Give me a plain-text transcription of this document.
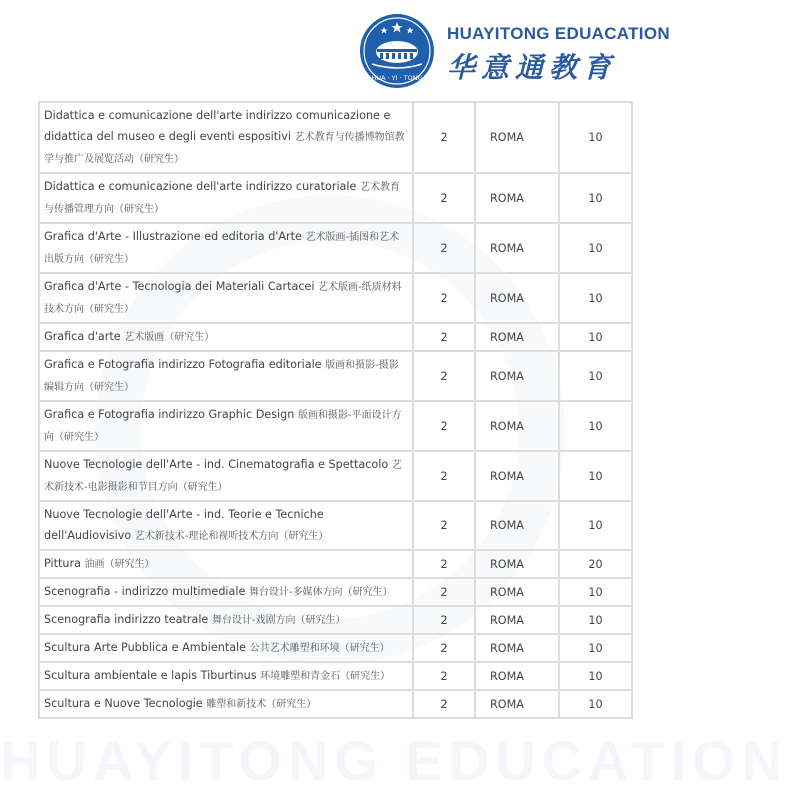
HUAYITONG EDUCATION
HUA · YI · TONG
HUAYITONG EDUACATION
华意通教育
Didattica e comunicazione dell'arte indirizzo comunicazione e didattica del museo e degli eventi espositivi 艺术教育与传播博物馆教学与推广及展览活动（研究生）	2	ROMA	10
Didattica e comunicazione dell'arte indirizzo curatoriale 艺术教育与传播管理方向（研究生）	2	ROMA	10
Grafica d'Arte - Illustrazione ed editoria d'Arte 艺术版画-插图和艺术出版方向（研究生）	2	ROMA	10
Grafica d'Arte - Tecnologia dei Materiali Cartacei 艺术版画-纸质材料技术方向（研究生）	2	ROMA	10
Grafica d'arte 艺术版画（研究生）	2	ROMA	10
Grafica e Fotografia indirizzo Fotografia editoriale 版画和摄影-摄影编辑方向（研究生）	2	ROMA	10
Grafica e Fotografia indirizzo Graphic Design 版画和摄影-平面设计方向（研究生）	2	ROMA	10
Nuove Tecnologie dell'Arte - ind. Cinematografia e Spettacolo 艺术新技术-电影摄影和节目方向（研究生）	2	ROMA	10
Nuove Tecnologie dell'Arte - ind. Teorie e Tecniche dell'Audiovisivo 艺术新技术-理论和视听技术方向（研究生）	2	ROMA	10
Pittura 油画（研究生）	2	ROMA	20
Scenografia - indirizzo multimediale 舞台设计-多媒体方向（研究生）	2	ROMA	10
Scenografia indirizzo teatrale 舞台设计-戏剧方向（研究生）	2	ROMA	10
Scultura Arte Pubblica e Ambientale 公共艺术雕塑和环境（研究生）	2	ROMA	10
Scultura ambientale e lapis Tiburtinus 环境雕塑和青金石（研究生）	2	ROMA	10
Scultura e Nuove Tecnologie 雕塑和新技术（研究生）	2	ROMA	10
